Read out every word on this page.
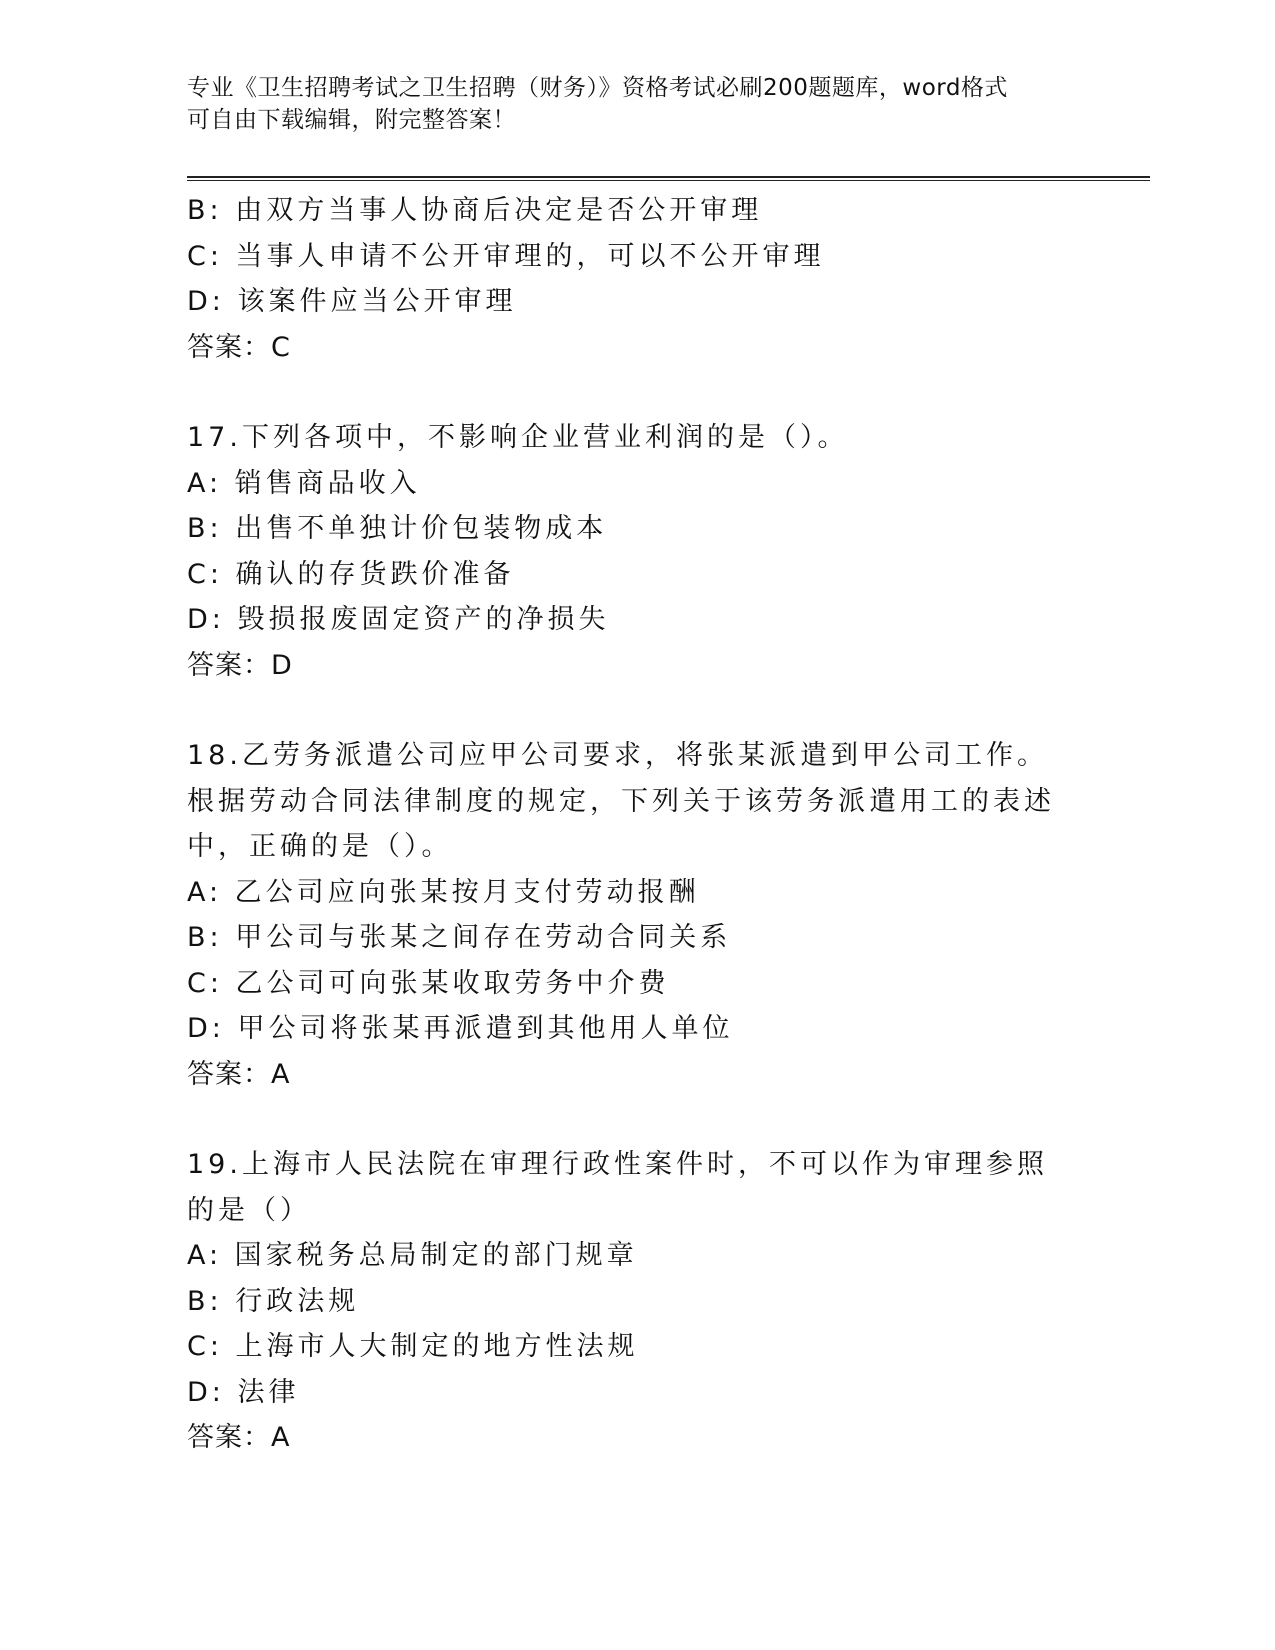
专业《卫生招聘考试之卫生招聘（财务）》资格考试必刷200题题库，word格式
可自由下载编辑，附完整答案！
B: 由双方当事人协商后决定是否公开审理
C: 当事人申请不公开审理的，可以不公开审理
D: 该案件应当公开审理
答案：C
17.下列各项中，不影响企业营业利润的是（）。
A: 销售商品收入
B: 出售不单独计价包装物成本
C: 确认的存货跌价准备
D: 毁损报废固定资产的净损失
答案：D
18.乙劳务派遣公司应甲公司要求，将张某派遣到甲公司工作。根据劳动合同法律制度的规定，下列关于该劳务派遣用工的表述中，正确的是（）。
A: 乙公司应向张某按月支付劳动报酬
B: 甲公司与张某之间存在劳动合同关系
C: 乙公司可向张某收取劳务中介费
D: 甲公司将张某再派遣到其他用人单位
答案：A
19.上海市人民法院在审理行政性案件时，不可以作为审理参照的是（）
A: 国家税务总局制定的部门规章
B: 行政法规
C: 上海市人大制定的地方性法规
D: 法律
答案：A
